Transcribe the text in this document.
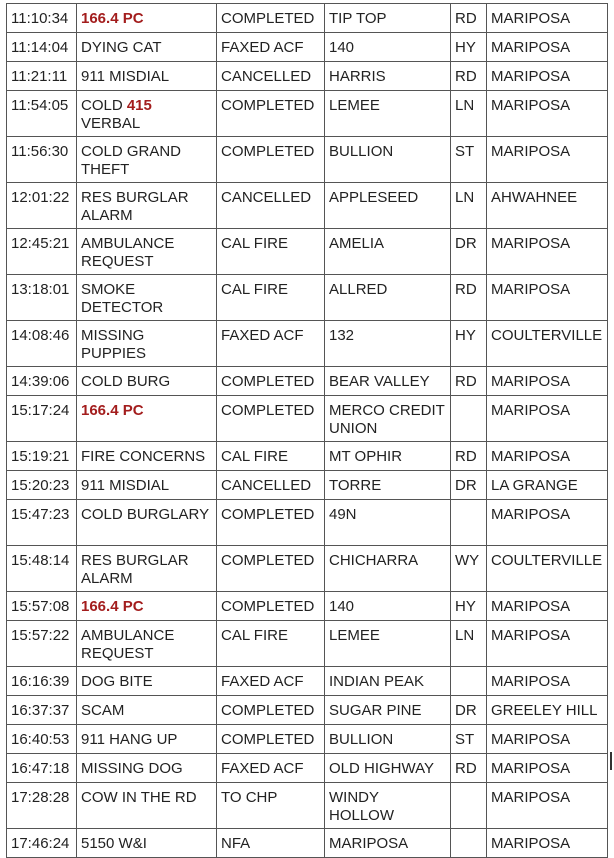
11:10:34	166.4 PC	COMPLETED	TIP TOP	RD	MARIPOSA
11:14:04	DYING CAT	FAXED ACF	140	HY	MARIPOSA
11:21:11	911 MISDIAL	CANCELLED	HARRIS	RD	MARIPOSA
11:54:05	COLD 415 VERBAL	COMPLETED	LEMEE	LN	MARIPOSA
11:56:30	COLD GRAND THEFT	COMPLETED	BULLION	ST	MARIPOSA
12:01:22	RES BURGLAR ALARM	CANCELLED	APPLESEED	LN	AHWAHNEE
12:45:21	AMBULANCE REQUEST	CAL FIRE	AMELIA	DR	MARIPOSA
13:18:01	SMOKE DETECTOR	CAL FIRE	ALLRED	RD	MARIPOSA
14:08:46	MISSING PUPPIES	FAXED ACF	132	HY	COULTERVILLE
14:39:06	COLD BURG	COMPLETED	BEAR VALLEY	RD	MARIPOSA
15:17:24	166.4 PC	COMPLETED	MERCO CREDIT UNION		MARIPOSA
15:19:21	FIRE CONCERNS	CAL FIRE	MT OPHIR	RD	MARIPOSA
15:20:23	911 MISDIAL	CANCELLED	TORRE	DR	LA GRANGE
15:47:23	COLD BURGLARY	COMPLETED	49N		MARIPOSA
15:48:14	RES BURGLAR ALARM	COMPLETED	CHICHARRA	WY	COULTERVILLE
15:57:08	166.4 PC	COMPLETED	140	HY	MARIPOSA
15:57:22	AMBULANCE REQUEST	CAL FIRE	LEMEE	LN	MARIPOSA
16:16:39	DOG BITE	FAXED ACF	INDIAN PEAK		MARIPOSA
16:37:37	SCAM	COMPLETED	SUGAR PINE	DR	GREELEY HILL
16:40:53	911 HANG UP	COMPLETED	BULLION	ST	MARIPOSA
16:47:18	MISSING DOG	FAXED ACF	OLD HIGHWAY	RD	MARIPOSA
17:28:28	COW IN THE RD	TO CHP	WINDY HOLLOW		MARIPOSA
17:46:24	5150 W&I	NFA	MARIPOSA		MARIPOSA
